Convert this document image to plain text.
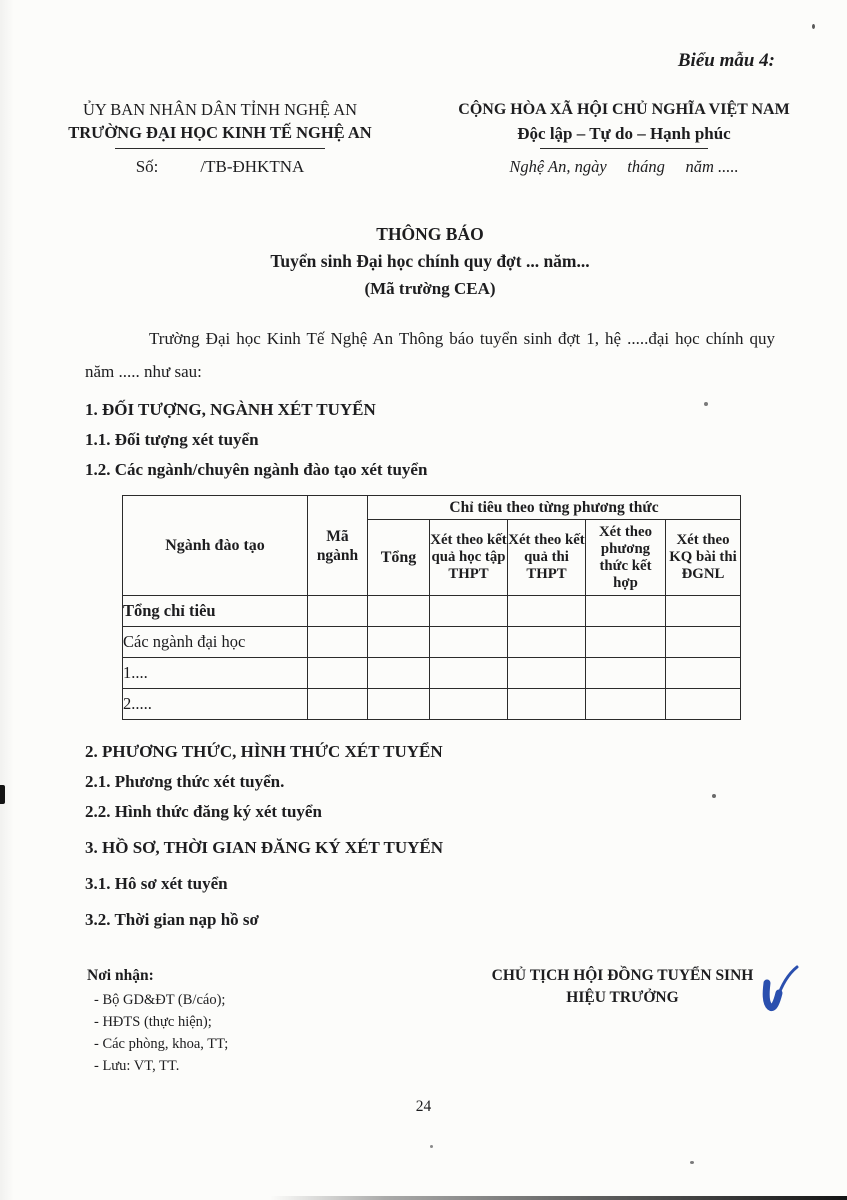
Biểu mẫu 4:
ỦY BAN NHÂN DÂN TỈNH NGHỆ AN
TRƯỜNG ĐẠI HỌC KINH TẾ NGHỆ AN
Số: /TB-ĐHKTNA
CỘNG HÒA XÃ HỘI CHỦ NGHĨA VIỆT NAM
Độc lập – Tự do – Hạnh phúc
Nghệ An, ngày     tháng     năm .....
THÔNG BÁO
Tuyển sinh Đại học chính quy đợt ... năm...
(Mã trường CEA)

Trường Đại học Kinh Tế Nghệ An Thông báo tuyển sinh đợt 1, hệ .....đại học chính quy năm ..... như sau:

1. ĐỐI TƯỢNG, NGÀNH XÉT TUYỂN
1.1. Đối tượng xét tuyển
1.2. Các ngành/chuyên ngành đào tạo xét tuyển
Ngành đào tạo	Mã ngành	Chỉ tiêu theo từng phương thức				
		Tổng	Xét theo kết quả học tập THPT	Xét theo kết quả thi THPT	Xét theo phương thức kết hợp	Xét theo KQ bài thi ĐGNL
Tổng chỉ tiêu						
Các ngành đại học						
1....						
2.....						
2. PHƯƠNG THỨC, HÌNH THỨC XÉT TUYỂN
2.1. Phương thức xét tuyển.
2.2. Hình thức đăng ký xét tuyển
3. HỒ SƠ, THỜI GIAN ĐĂNG KÝ XÉT TUYỂN
3.1. Hô sơ xét tuyển
3.2. Thời gian nạp hồ sơ
Nơi nhận:
- Bộ GD&ĐT (B/cáo);
- HĐTS (thực hiện);
- Các phòng, khoa, TT;
- Lưu: VT, TT.
CHỦ TỊCH HỘI ĐỒNG TUYỂN SINH
HIỆU TRƯỞNG
24
